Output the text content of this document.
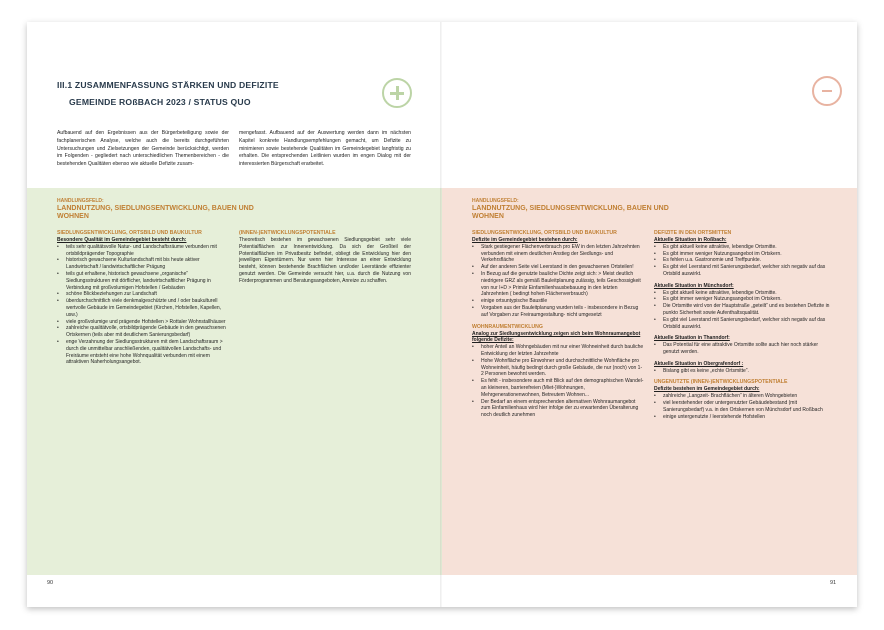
III.1 ZUSAMMENFASSUNG STÄRKEN UND DEFIZITE
GEMEINDE ROßBACH 2023 / STATUS QUO
Aufbauend auf den Ergebnissen aus der Bürgerbeteiligung sowie der fachplanerischen Analyse, welche auch die bereits durchgeführten Untersuchungen und Zielsetzungen der Gemeinde berücksichtigt, werden im Folgenden - gegliedert nach unterschiedlichen Themenbereichen - die bestehenden Qualitäten ebenso wie aktuelle Defizite zusam-
mengefasst. Aufbauend auf der Auswertung werden dann im nächsten Kapitel konkrete Handlungsempfehlungen gemacht, um Defizite zu minimieren sowie bestehende Qualitäten im Gemeindegebiet langfristig zu erhalten. Die entsprechenden Leitlinien wurden im engen Dialog mit der interessierten Bürgerschaft erarbeitet.
HANDLUNGSFELD:
LANDNUTZUNG, SIEDLUNGSENTWICKLUNG, BAUEN UND WOHNEN
SIEDLUNGSENTWICKLUNG, ORTSBILD UND BAUKULTUR
Besondere Qualität im Gemeindegebiet besteht durch:
• teils sehr qualitätsvolle Natur- und Landschaftsräume verbunden mit ortsbildprägender Topographie
• historisch gewachsene Kulturlandschaft mit bis heute aktiver Landwirtschaft / landwirtschaftlicher Prägung
• teils gut erhaltene, historisch gewachsene „organische“ Siedlungsstrukturen mit dörflicher, landwirtschaftlicher Prägung in Verbindung mit großvolumigen Hofstellen / Gebäuden
• schöne Blickbeziehungen zur Landschaft
• überdurchschnittlich viele denkmalgeschützte und / oder baukulturell wertvolle Gebäude im Gemeindegebiet (Kirchen, Hofstellen, Kapellen, usw.)
• viele großvolumige und prägende Hofstellen > Rottaler Wohnstallhäuser
• zahlreiche qualitätvolle, ortsbildprägende Gebäude in den gewachsenen Ortskernen (teils aber mit deutlichem Sanierungsbedarf)
• enge Verzahnung der Siedlungsstrukturen mit dem Landschaftsraum > durch die unmittelbar anschließenden, qualitätvollen Landschafts- und Freiräume entsteht eine hohe Wohnqualität verbunden mit einem attraktiven Naherholungsangebot.
(INNEN-)ENTWICKLUNGSPOTENTIALE
Theoretisch bestehen im gewachsenen Siedlungsgebiet sehr viele Potentialflächen zur Innenentwicklung. Da sich der Großteil der Potentialflächen im Privatbesitz befindet, obliegt die Entwicklung hier den jeweiligen Eigentümern. Nur wenn hier Interesse an einer Entwicklung besteht, können bestehende Brachflächen und/oder Leerstände effizienter genutzt werden. Die Gemeinde versucht hier, u.a. durch die Nutzung von Förderprogrammen und Beratungsangeboten, Anreize zu schaffen.
90
HANDLUNGSFELD:
LANDNUTZUNG, SIEDLUNGSENTWICKLUNG, BAUEN UND WOHNEN
SIEDLUNGSENTWICKLUNG, ORTSBILD UND BAUKULTUR
Defizite im Gemeindegebiet bestehen durch:
• Stark gestiegener Flächenverbrauch pro EW in den letzten Jahrzehnten verbunden mit einem deutlichen Anstieg der Siedlungs- und Verkehrsfläche
• Auf der anderen Seite viel Leerstand in den gewachsenen Ortsteilen!
• In Bezug auf die genutzte bauliche Dichte zeigt sich: > Meist deutlich niedrigere GRZ als gemäß Bauleitplanung zulässig, teils Geschossigkeit von nur I+D > Primär Einfamilienhausbebauung in den letzten Jahrzehnten ( bedingt hohen Flächenverbrauch)
• einige ortsuntypische Baustile
• Vorgaben aus der Bauleitplanung wurden teils - insbesondere in Bezug auf Vorgaben zur Freiraumgestaltung- nicht umgesetzt
WOHNRAUMENTWICKLUNG
Analog zur Siedlungsentwicklung zeigen sich beim Wohnraumangebot folgende Defizite:
• hoher Anteil an Wohngebäuden mit nur einer Wohneinheit durch bauliche Entwicklung der letzten Jahrzehnte
• Hohe Wohnfläche pro Einwohner und durchschnittliche Wohnfläche pro Wohneinheit, häufig bedingt durch große Gebäude, die nur (noch) von 1-2 Personen bewohnt werden.
• Es fehlt - insbesondere auch mit Blick auf den demographischen Wandel- an kleineren, barrierefreien (Miet-)Wohnungen, Mehrgenerationenwohnen, Betreutem Wohnen...
• Der Bedarf an einem entsprechenden alternativen Wohnraumangebot zum Einfamilienhaus wird hier infolge der zu erwartenden Überalterung noch deutlich zunehmen
DEFIZITE IN DEN ORTSMITTEN
Aktuelle Situation in Roßbach:
• Es gibt aktuell keine attraktive, lebendige Ortsmitte.
• Es gibt immer weniger Nutzungsangebot im Ortskern.
• Es fehlen u.a. Gastronomie und Treffpunkte.
• Es gibt viel Leerstand mit Sanierungsbedarf, welcher sich negativ auf das Ortsbild auswirkt.
Aktuelle Situation in Münchsdorf:
• Es gibt aktuell keine attraktive, lebendige Ortsmitte.
• Es gibt immer weniger Nutzungsangebot im Ortskern.
• Die Ortsmitte wird von der Hauptstraße „geteilt“ und es bestehen Defizite in punkto Sicherheit sowie Aufenthaltsqualität.
• Es gibt viel Leerstand mit Sanierungsbedarf, welcher sich negativ auf das Ortsbild auswirkt.
Aktuelle Situation in Thanndorf:
• Das Potential für eine attraktive Ortsmitte sollte auch hier noch stärker genutzt werden.
Aktuelle Situation in Obergrafendorf :
• Bislang gibt es keine „echte Ortsmitte“.
UNGENUTZTE (INNEN-)ENTWICKLUNGSPOTENTIALE
Defizite bestehen im Gemeindegebiet durch:
• zahlreiche „Langzeit- Brachflächen“ in älteren Wohngebieten
• viel leerstehender oder untergenutzter Gebäudebestand (mit Sanierungsbedarf) v.a. in den Ortskernen von Münchsdorf und Roßbach
• einige untergenutzte / leerstehende Hofstellen
91
